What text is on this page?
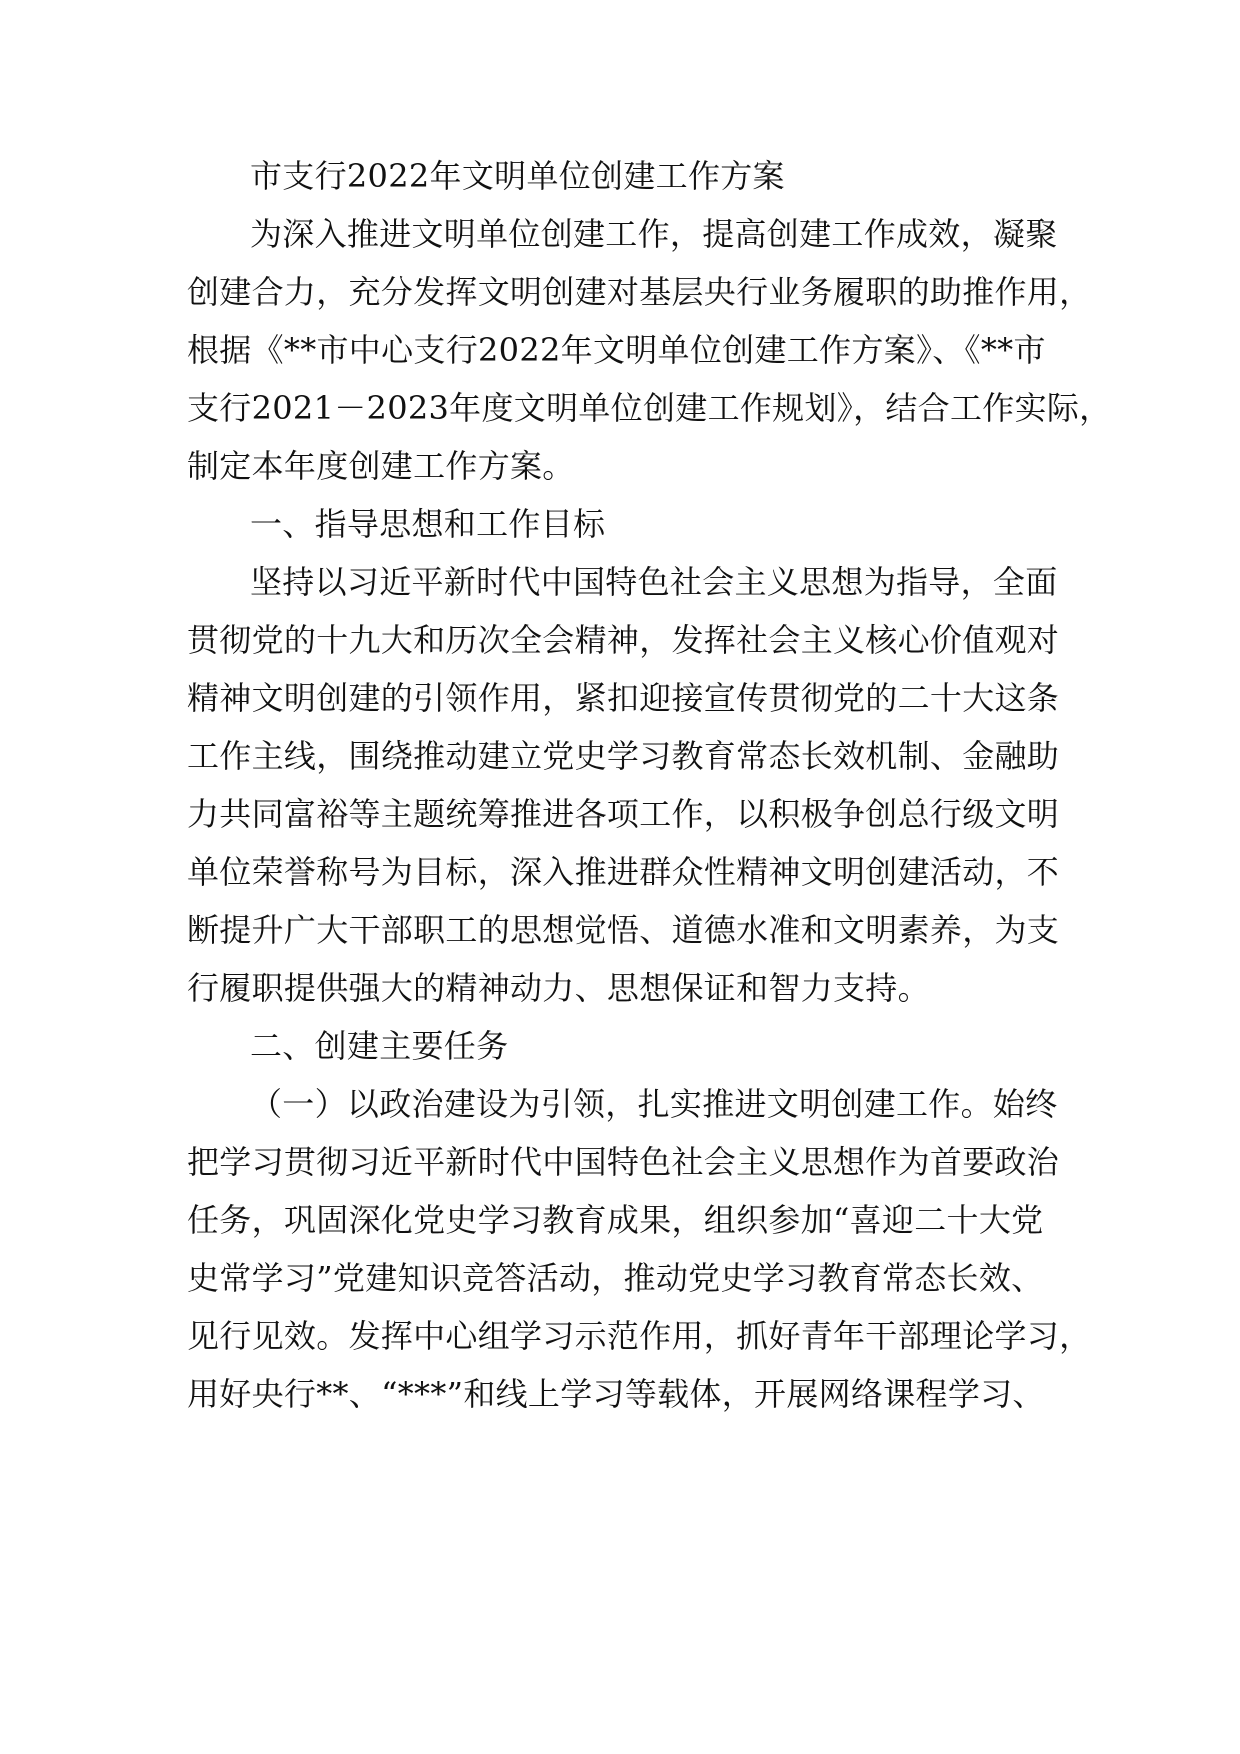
市支行2022年文明单位创建工作方案
为深入推进文明单位创建工作，提高创建工作成效，凝聚
创建合力，充分发挥文明创建对基层央行业务履职的助推作用，
根据《**市中心支行2022年文明单位创建工作方案》、《**市
支行2021－2023年度文明单位创建工作规划》，结合工作实际，
制定本年度创建工作方案。
一、指导思想和工作目标
坚持以习近平新时代中国特色社会主义思想为指导，全面
贯彻党的十九大和历次全会精神，发挥社会主义核心价值观对
精神文明创建的引领作用，紧扣迎接宣传贯彻党的二十大这条
工作主线，围绕推动建立党史学习教育常态长效机制、金融助
力共同富裕等主题统筹推进各项工作，以积极争创总行级文明
单位荣誉称号为目标，深入推进群众性精神文明创建活动，不
断提升广大干部职工的思想觉悟、道德水准和文明素养，为支
行履职提供强大的精神动力、思想保证和智力支持。
二、创建主要任务
（一）以政治建设为引领，扎实推进文明创建工作。始终
把学习贯彻习近平新时代中国特色社会主义思想作为首要政治
任务，巩固深化党史学习教育成果，组织参加“喜迎二十大党
史常学习”党建知识竞答活动，推动党史学习教育常态长效、
见行见效。发挥中心组学习示范作用，抓好青年干部理论学习，
用好央行**、“***”和线上学习等载体，开展网络课程学习、
